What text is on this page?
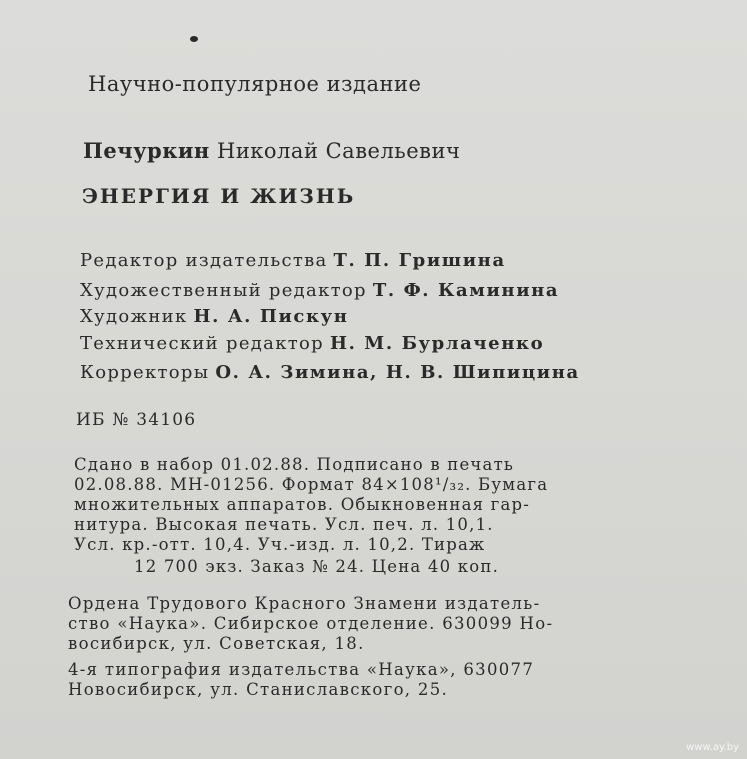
Научно-популярное издание
Печуркин Николай Савельевич
ЭНЕРГИЯ И ЖИЗНЬ
Редактор издательства Т. П. Гришина
Художественный редактор Т. Ф. Каминина
Художник Н. А. Пискун
Технический редактор Н. М. Бурлаченко
Корректоры О. А. Зимина, Н. В. Шипицина
ИБ № 34106
Сдано в набор 01.02.88. Подписано в печать
02.08.88. МН-01256. Формат 84×108¹/₃₂. Бумага
множительных аппаратов. Обыкновенная гар-
нитура. Высокая печать. Усл. печ. л. 10,1.
Усл. кр.-отт. 10,4. Уч.-изд. л. 10,2. Тираж
12 700 экз. Заказ № 24. Цена 40 коп.
Ордена Трудового Красного Знамени издатель-
ство «Наука». Сибирское отделение. 630099 Но-
восибирск, ул. Советская, 18.
4-я типография издательства «Наука», 630077
Новосибирск, ул. Станиславского, 25.
www.ay.by
